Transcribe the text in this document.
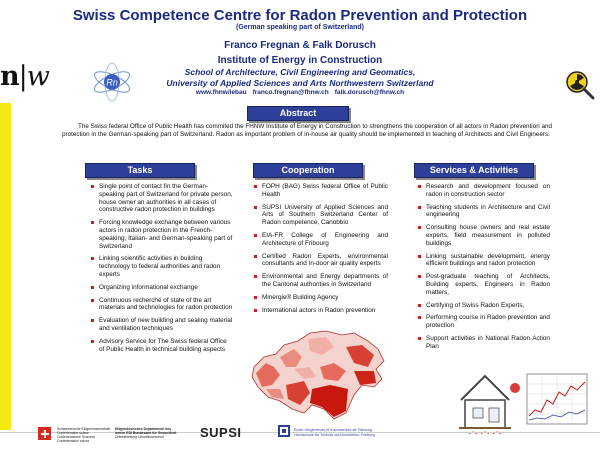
n|w	Rn
Swiss Competence Centre for Radon Prevention and Protection
(German speaking part of Switzerland)
Franco Fregnan & Falk Dorusch
Institute of Energy in Construction
School of Architecture, Civil Engineering and Geomatics,
University of Applied Sciences and Arts Northwestern Switzerland
www.fhnw/iebau franco.fregnan@fhnw.ch falk.dorusch@fhnw.ch
Abstract
The Swiss federal Office of Public Health has commited the FHNW Institute of Energy in Construction to strengthens the cooperation of all actors in Radon prevention and protection in the German-speaking part of Switzerland. Radon as important problem of in-house air quality should be implemented in teaching of Architects and Civil Engineers.
Tasks	Cooperation	Services & Activities
Single point of contact fin the German-speaking part of Switzerland for private person, house owner an authorities in all cases of constructive radon protection in buildings
Forcing knowledge exchange between various actors in radon protection in the French-speaking, Italian- and German-speaking part of Switzerland
Linking scientific activities in building technology to federal authorities and radon experts
Organizing informational exchange
Continuous recherché of state of the art materials and technologies for radon protection
Evaluation of new building and sealing material and ventilation techniques
Advisory Service for The Swiss federal Office of Public Health in technical building aspects
FOPH (BAG) Swiss federal Office of Public Health
SUPSI University of Applied Sciences and Arts of Southern Switzerland Center of Radon competence, Canobbio
EIA-FR College of Engineering and Architecture of Fribourg
Certified Radon Experts, environmental consultants and In-door air quality experts
Environmental and Energy departments of the Cantonal authorities in Switzerland
Minergie® Building Agency
International actors in Radon prevention
Research and development focused on radon in construction sector
Teaching students in Architecture and Civil engineering
Consulting house owners and real estate experts, field measurement in polluted buildings
Linking sustainable development, energy efficient buildings and radon protection
Post-graduate teaching of Architects, Building experts, Engineers in Radon matters,
Certifying of Swiss Radon Experts,
Performing course in Radon prevention and protection
Support activities in National Radon Action Plan
Schweizerische Eidgenossenschaft
Confédération suisse
Confederazione Svizzera
Confederaziun svizra
Eidgenössisches Departement des
Innern EDI Bundesamt für Gesundheit
Unterabteilung Umweltsicherheit	SUPSI	Ecole d'ingénieurs et d'architectes de Fribourg
Hochschule für Technik und Architektur Freiburg
